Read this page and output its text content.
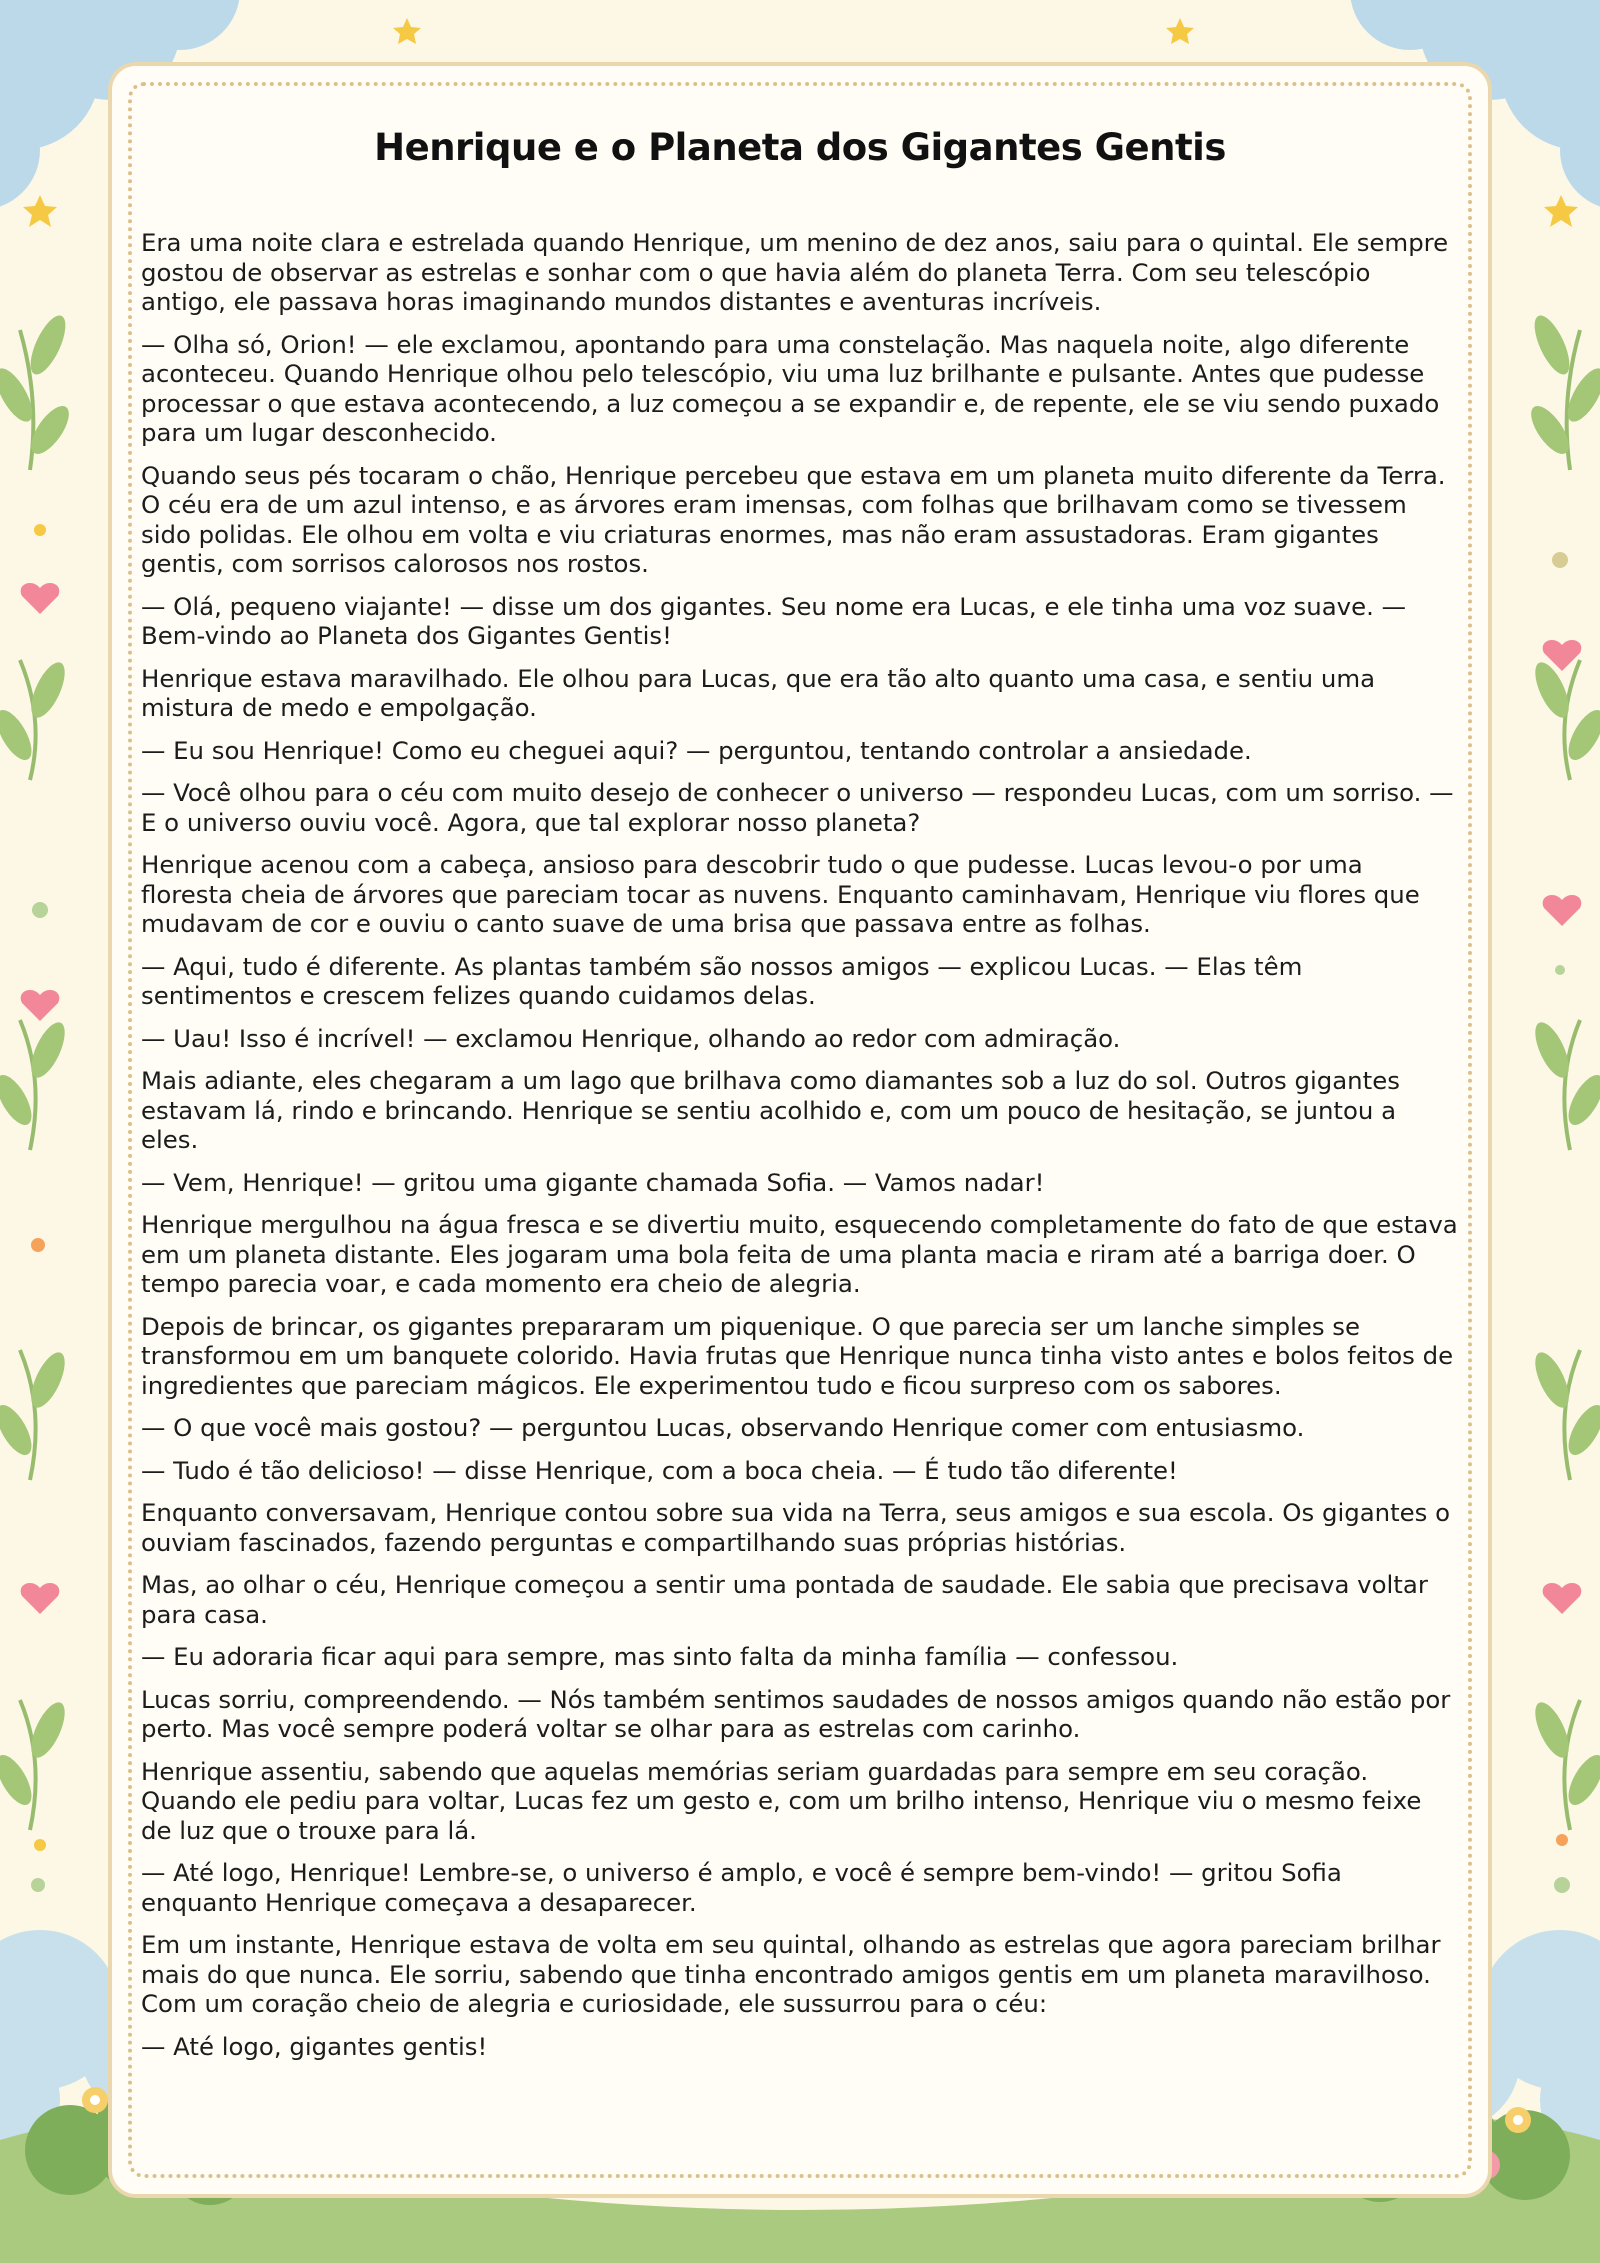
Henrique e o Planeta dos Gigantes Gentis

Era uma noite clara e estrelada quando Henrique, um menino de dez anos, saiu para o quintal. Ele sempre gostou de observar as estrelas e sonhar com o que havia além do planeta Terra. Com seu telescópio antigo, ele passava horas imaginando mundos distantes e aventuras incríveis.

— Olha só, Orion! — ele exclamou, apontando para uma constelação. Mas naquela noite, algo diferente aconteceu. Quando Henrique olhou pelo telescópio, viu uma luz brilhante e pulsante. Antes que pudesse processar o que estava acontecendo, a luz começou a se expandir e, de repente, ele se viu sendo puxado para um lugar desconhecido.

Quando seus pés tocaram o chão, Henrique percebeu que estava em um planeta muito diferente da Terra. O céu era de um azul intenso, e as árvores eram imensas, com folhas que brilhavam como se tivessem sido polidas. Ele olhou em volta e viu criaturas enormes, mas não eram assustadoras. Eram gigantes gentis, com sorrisos calorosos nos rostos.

— Olá, pequeno viajante! — disse um dos gigantes. Seu nome era Lucas, e ele tinha uma voz suave. — Bem-vindo ao Planeta dos Gigantes Gentis!

Henrique estava maravilhado. Ele olhou para Lucas, que era tão alto quanto uma casa, e sentiu uma mistura de medo e empolgação.

— Eu sou Henrique! Como eu cheguei aqui? — perguntou, tentando controlar a ansiedade.

— Você olhou para o céu com muito desejo de conhecer o universo — respondeu Lucas, com um sorriso. — E o universo ouviu você. Agora, que tal explorar nosso planeta?

Henrique acenou com a cabeça, ansioso para descobrir tudo o que pudesse. Lucas levou-o por uma floresta cheia de árvores que pareciam tocar as nuvens. Enquanto caminhavam, Henrique viu flores que mudavam de cor e ouviu o canto suave de uma brisa que passava entre as folhas.

— Aqui, tudo é diferente. As plantas também são nossos amigos — explicou Lucas. — Elas têm sentimentos e crescem felizes quando cuidamos delas.

— Uau! Isso é incrível! — exclamou Henrique, olhando ao redor com admiração.

Mais adiante, eles chegaram a um lago que brilhava como diamantes sob a luz do sol. Outros gigantes estavam lá, rindo e brincando. Henrique se sentiu acolhido e, com um pouco de hesitação, se juntou a eles.

— Vem, Henrique! — gritou uma gigante chamada Sofia. — Vamos nadar!

Henrique mergulhou na água fresca e se divertiu muito, esquecendo completamente do fato de que estava em um planeta distante. Eles jogaram uma bola feita de uma planta macia e riram até a barriga doer. O tempo parecia voar, e cada momento era cheio de alegria.

Depois de brincar, os gigantes prepararam um piquenique. O que parecia ser um lanche simples se transformou em um banquete colorido. Havia frutas que Henrique nunca tinha visto antes e bolos feitos de ingredientes que pareciam mágicos. Ele experimentou tudo e ficou surpreso com os sabores.

— O que você mais gostou? — perguntou Lucas, observando Henrique comer com entusiasmo.

— Tudo é tão delicioso! — disse Henrique, com a boca cheia. — É tudo tão diferente!

Enquanto conversavam, Henrique contou sobre sua vida na Terra, seus amigos e sua escola. Os gigantes o ouviam fascinados, fazendo perguntas e compartilhando suas próprias histórias.

Mas, ao olhar o céu, Henrique começou a sentir uma pontada de saudade. Ele sabia que precisava voltar para casa.

— Eu adoraria ficar aqui para sempre, mas sinto falta da minha família — confessou.

Lucas sorriu, compreendendo. — Nós também sentimos saudades de nossos amigos quando não estão por perto. Mas você sempre poderá voltar se olhar para as estrelas com carinho.

Henrique assentiu, sabendo que aquelas memórias seriam guardadas para sempre em seu coração. Quando ele pediu para voltar, Lucas fez um gesto e, com um brilho intenso, Henrique viu o mesmo feixe de luz que o trouxe para lá.

— Até logo, Henrique! Lembre-se, o universo é amplo, e você é sempre bem-vindo! — gritou Sofia enquanto Henrique começava a desaparecer.

Em um instante, Henrique estava de volta em seu quintal, olhando as estrelas que agora pareciam brilhar mais do que nunca. Ele sorriu, sabendo que tinha encontrado amigos gentis em um planeta maravilhoso. Com um coração cheio de alegria e curiosidade, ele sussurrou para o céu:

— Até logo, gigantes gentis!
